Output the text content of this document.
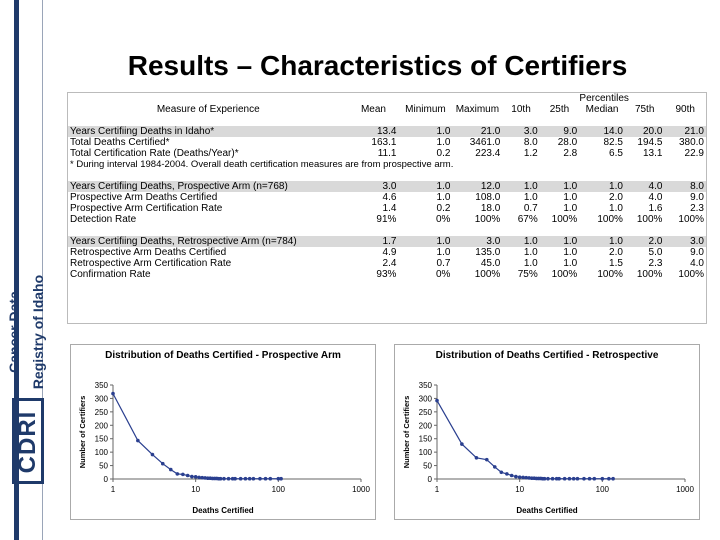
Cancer Data Registry of Idaho
CDRI
Results – Characteristics of Certifiers
				Percentiles				
Measure of Experience	Mean	Minimum	Maximum	10th	25th	Median	75th	90th

Years Certifiing Deaths in Idaho*	13.4	1.0	21.0	3.0	9.0	14.0	20.0	21.0
Total Deaths Certified*	163.1	1.0	3461.0	8.0	28.0	82.5	194.5	380.0
Total Certification Rate (Deaths/Year)*	11.1	0.2	223.4	1.2	2.8	6.5	13.1	22.9
* During interval 1984-2004. Overall death certification measures are from prospective arm.								

Years Certifiing Deaths, Prospective Arm (n=768)	3.0	1.0	12.0	1.0	1.0	1.0	4.0	8.0
Prospective Arm Deaths Certified	4.6	1.0	108.0	1.0	1.0	2.0	4.0	9.0
Prospective Arm Certification Rate	1.4	0.2	18.0	0.7	1.0	1.0	1.6	2.3
Detection Rate	91%	0%	100%	67%	100%	100%	100%	100%

Years Certifiing Deaths, Retrospective Arm (n=784)	1.7	1.0	3.0	1.0	1.0	1.0	2.0	3.0
Retrospective Arm Deaths Certified	4.9	1.0	135.0	1.0	1.0	2.0	5.0	9.0
Retrospective Arm Certification Rate	2.4	0.7	45.0	1.0	1.0	1.5	2.3	4.0
Confirmation Rate	93%	0%	100%	75%	100%	100%	100%	100%
Distribution of Deaths Certified - Prospective Arm
0
50
100
150
200
250
300
350
1	10	100	1000
Number of Certifiers
Deaths Certified
Distribution of Deaths Certified - Retrospective
0
50
100
150
200
250
300
350
1	10	100	1000
Number of Certifiers
Deaths Certified
